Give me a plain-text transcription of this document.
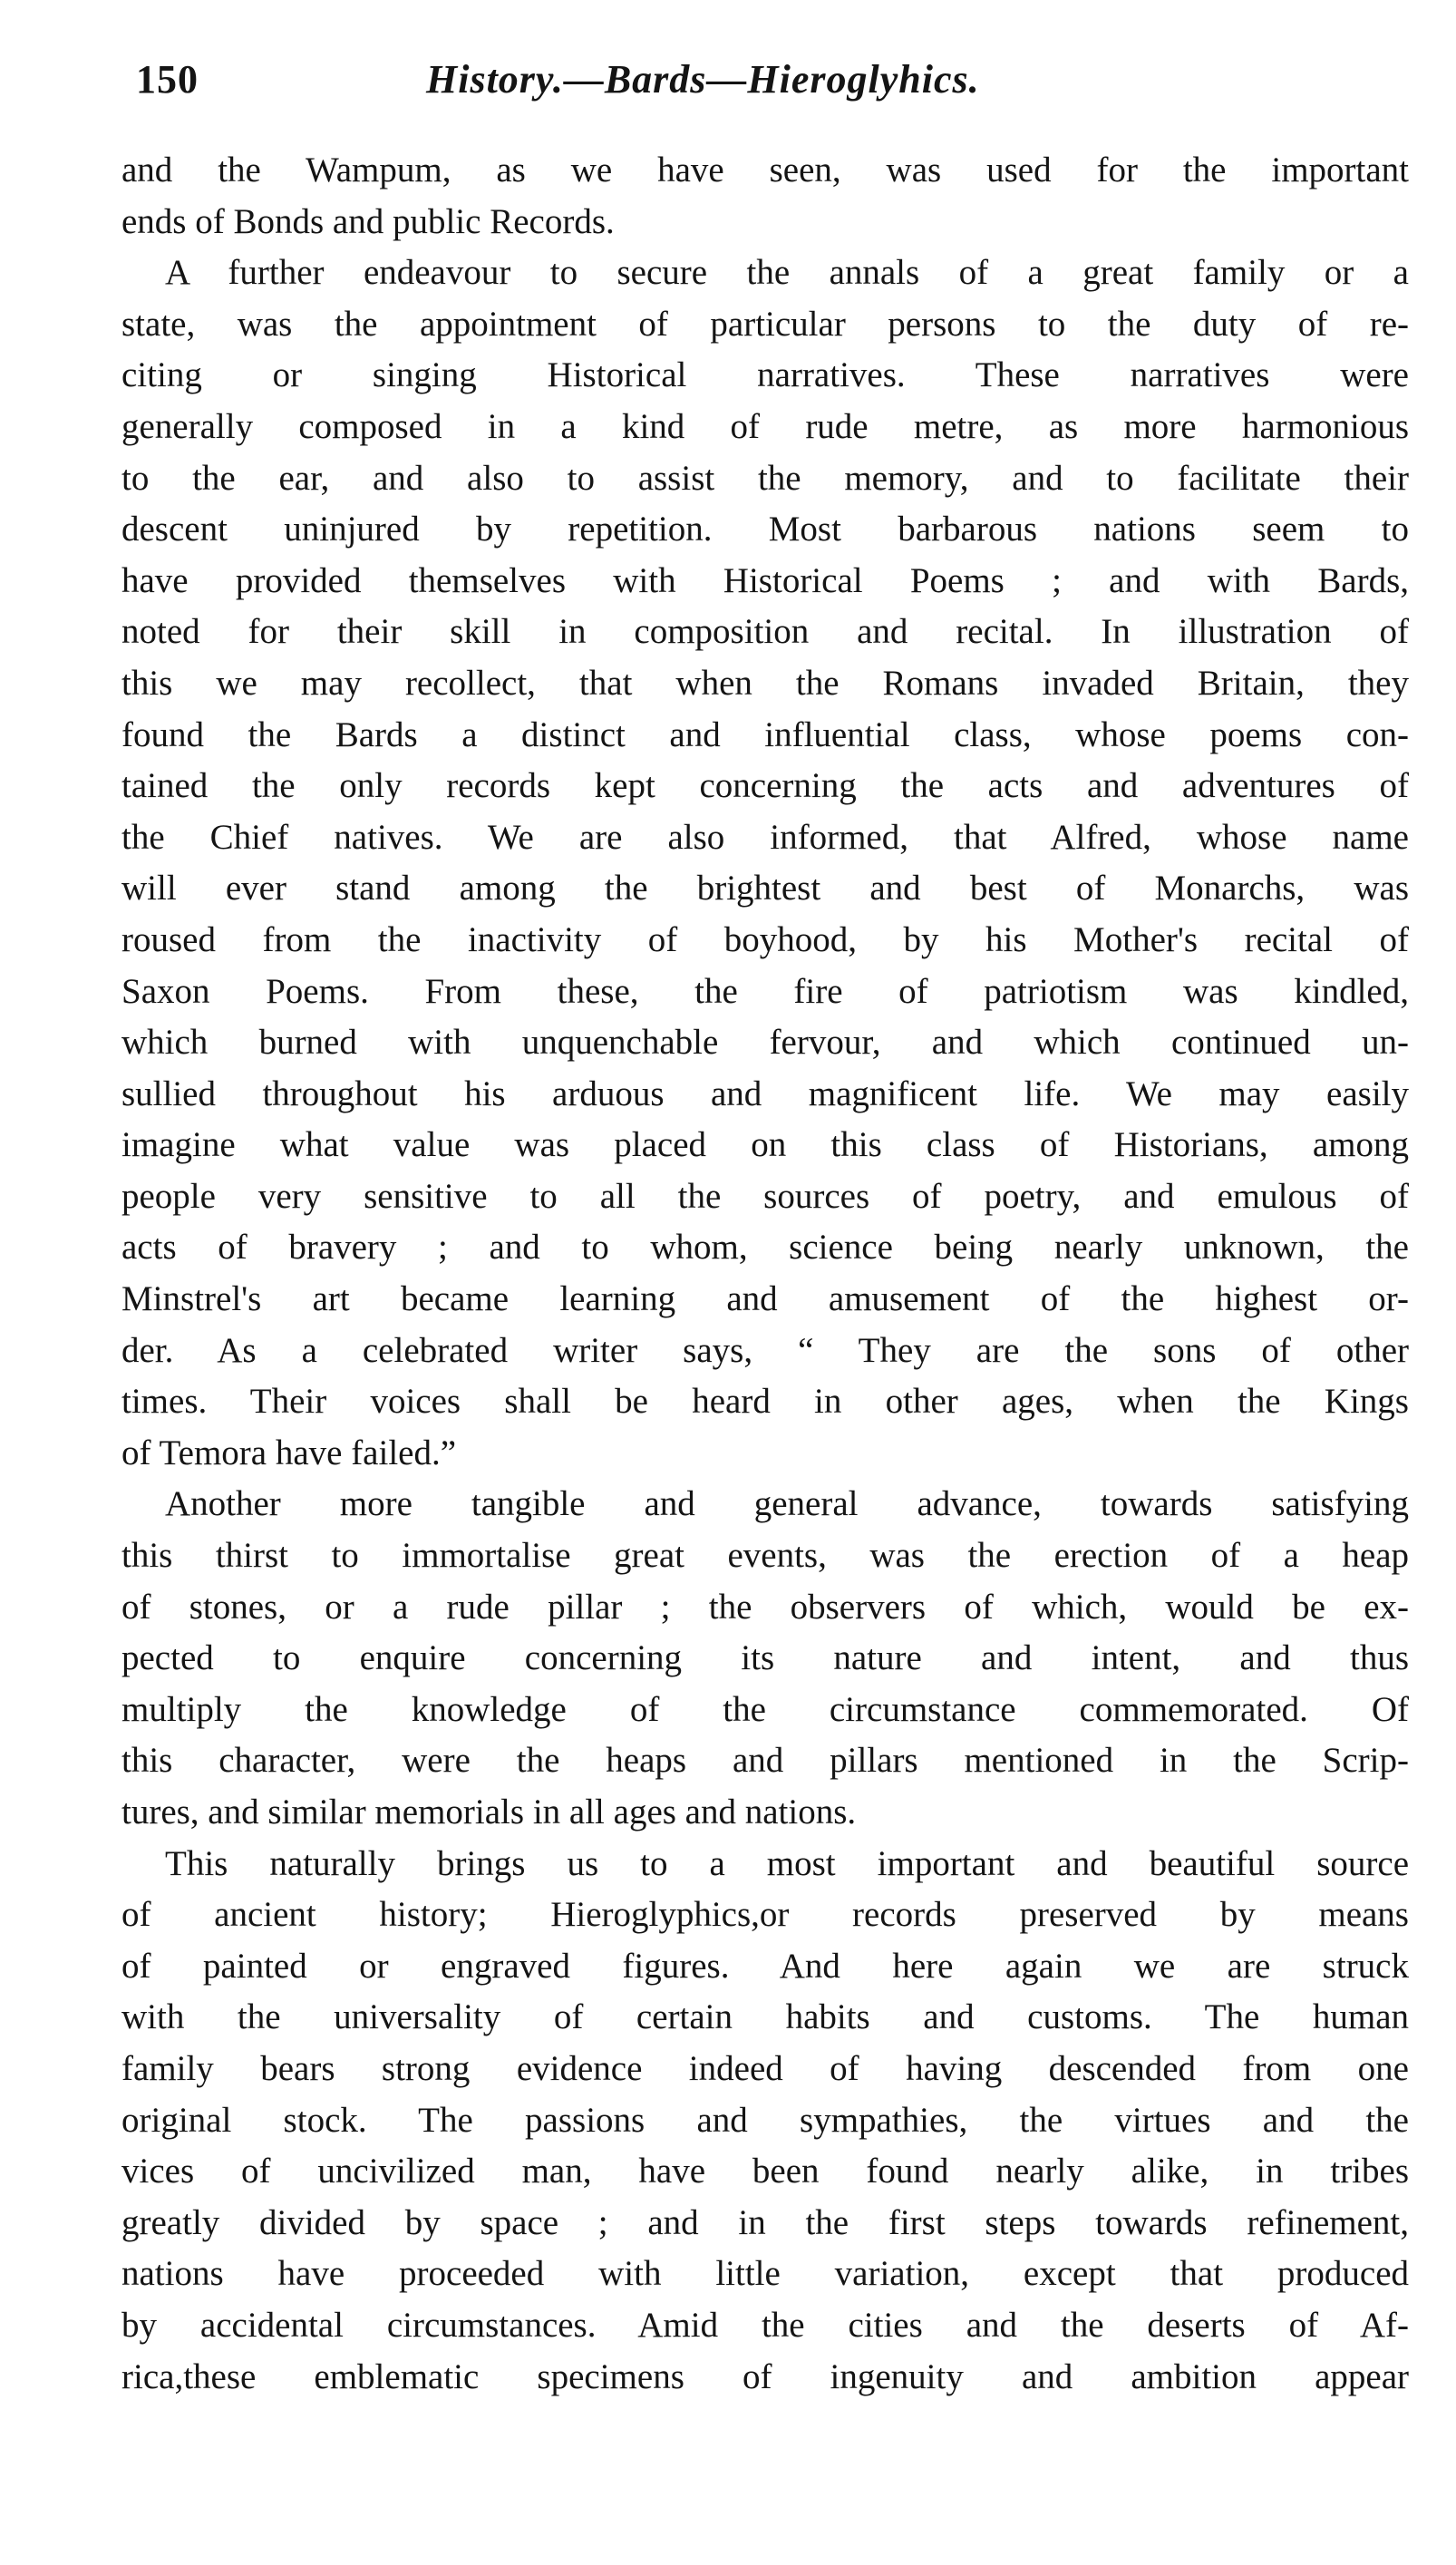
150	History.—Bards—Hieroglyhics.
and the Wampum, as we have seen, was used for the important
ends of Bonds and public Records.
A further endeavour to secure the annals of a great family or a
state, was the appointment of particular persons to the duty of re-
citing or singing Historical narratives. These narratives were
generally composed in a kind of rude metre, as more harmonious
to the ear, and also to assist the memory, and to facilitate their
descent uninjured by repetition. Most barbarous nations seem to
have provided themselves with Historical Poems ; and with Bards,
noted for their skill in composition and recital. In illustration of
this we may recollect, that when the Romans invaded Britain, they
found the Bards a distinct and influential class, whose poems con-
tained the only records kept concerning the acts and adventures of
the Chief natives. We are also informed, that Alfred, whose name
will ever stand among the brightest and best of Monarchs, was
roused from the inactivity of boyhood, by his Mother's recital of
Saxon Poems. From these, the fire of patriotism was kindled,
which burned with unquenchable fervour, and which continued un-
sullied throughout his arduous and magnificent life. We may easily
imagine what value was placed on this class of Historians, among
people very sensitive to all the sources of poetry, and emulous of
acts of bravery ; and to whom, science being nearly unknown, the
Minstrel's art became learning and amusement of the highest or-
der. As a celebrated writer says, “ They are the sons of other
times. Their voices shall be heard in other ages, when the Kings
of Temora have failed.”
Another more tangible and general advance, towards satisfying
this thirst to immortalise great events, was the erection of a heap
of stones, or a rude pillar ; the observers of which, would be ex-
pected to enquire concerning its nature and intent, and thus
multiply the knowledge of the circumstance commemorated. Of
this character, were the heaps and pillars mentioned in the Scrip-
tures, and similar memorials in all ages and nations.
This naturally brings us to a most important and beautiful source
of ancient history; Hieroglyphics,or records preserved by means
of painted or engraved figures. And here again we are struck
with the universality of certain habits and customs. The human
family bears strong evidence indeed of having descended from one
original stock. The passions and sympathies, the virtues and the
vices of uncivilized man, have been found nearly alike, in tribes
greatly divided by space ; and in the first steps towards refinement,
nations have proceeded with little variation, except that produced
by accidental circumstances. Amid the cities and the deserts of Af-
rica,these emblematic specimens of ingenuity and ambition appear
